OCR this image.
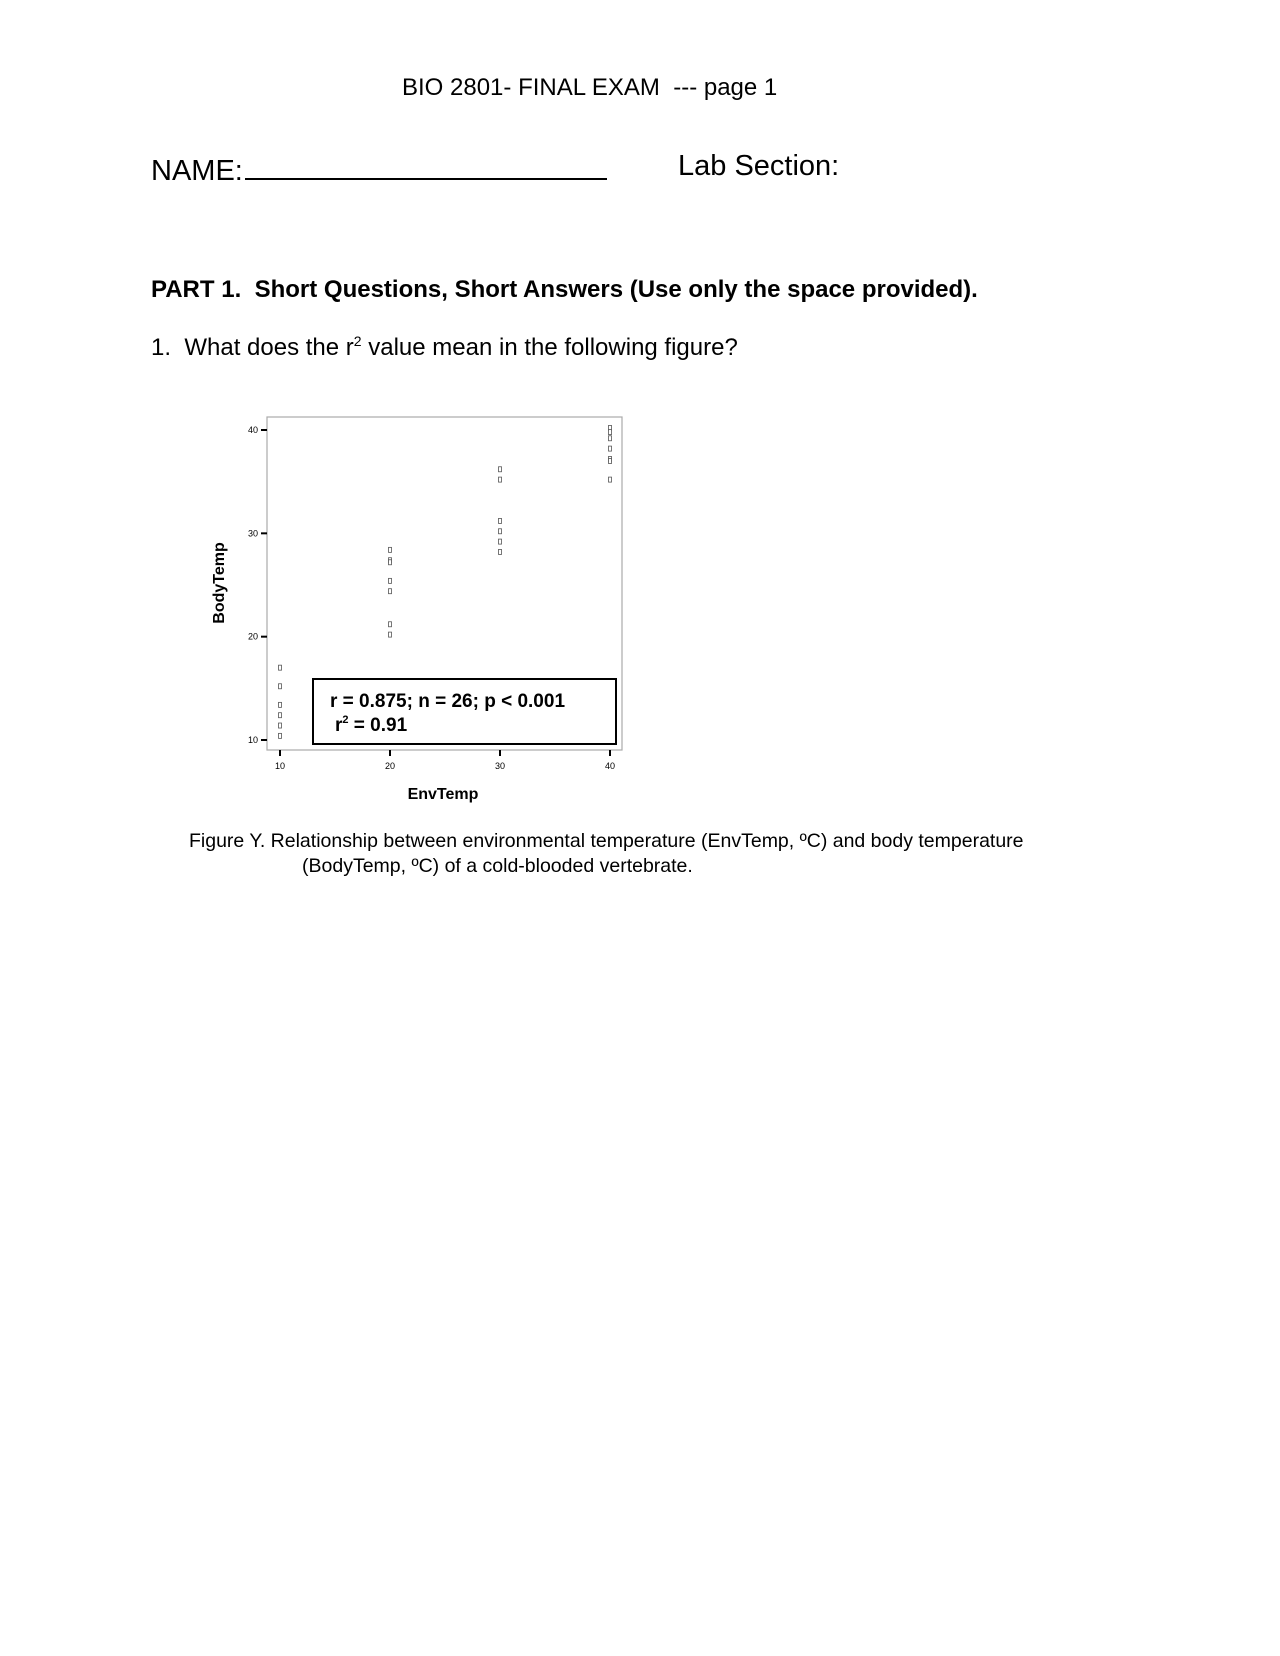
BIO 2801- FINAL EXAM  --- page 1
NAME:	Lab Section:
PART 1.  Short Questions, Short Answers (Use only the space provided).
1. What does the $r^2$ value mean in the following figure?
10
20
30
40
10	20	30	40
r = 0.875; n = 26; p < 0.001
$r^2 = 0.91$
EnvTemp
BodyTemp
Figure Y. Relationship between environmental temperature (EnvTemp, ºC) and body temperature
(BodyTemp, ºC) of a cold-blooded vertebrate.
